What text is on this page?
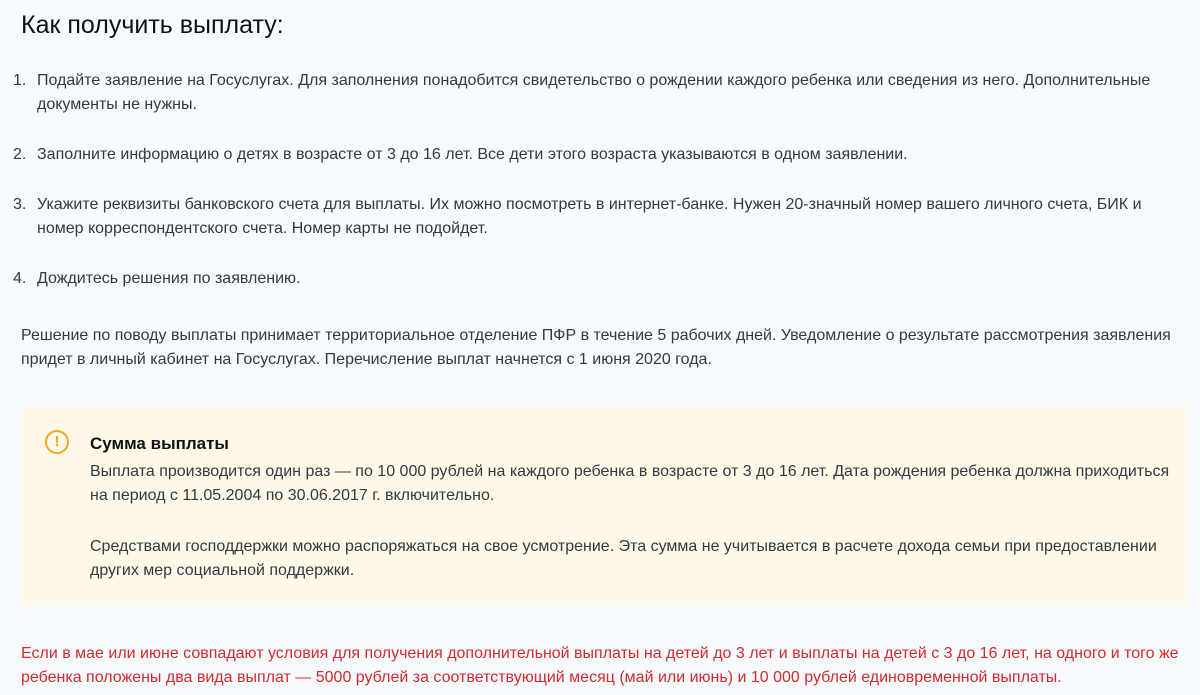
Как получить выплату:
1. Подайте заявление на Госуслугах. Для заполнения понадобится свидетельство о рождении каждого ребенка или сведения из него. Дополнительные документы не нужны.
2. Заполните информацию о детях в возрасте от 3 до 16 лет. Все дети этого возраста указываются в одном заявлении.
3. Укажите реквизиты банковского счета для выплаты. Их можно посмотреть в интернет-банке. Нужен 20-значный номер вашего личного счета, БИК и номер корреспондентского счета. Номер карты не подойдет.
4. Дождитесь решения по заявлению.

Решение по поводу выплаты принимает территориальное отделение ПФР в течение 5 рабочих дней. Уведомление о результате рассмотрения заявления придет в личный кабинет на Госуслугах. Перечисление выплат начнется с 1 июня 2020 года.

!	Сумма выплаты

Выплата производится один раз — по 10 000 рублей на каждого ребенка в возрасте от 3 до 16 лет. Дата рождения ребенка должна приходиться на период с 11.05.2004 по 30.06.2017 г. включительно.

Средствами господдержки можно распоряжаться на свое усмотрение. Эта сумма не учитывается в расчете дохода семьи при предоставлении других мер социальной поддержки.

Если в мае или июне совпадают условия для получения дополнительной выплаты на детей до 3 лет и выплаты на детей с 3 до 16 лет, на одного и того же ребенка положены два вида выплат — 5000 рублей за соответствующий месяц (май или июнь) и 10 000 рублей единовременной выплаты.
